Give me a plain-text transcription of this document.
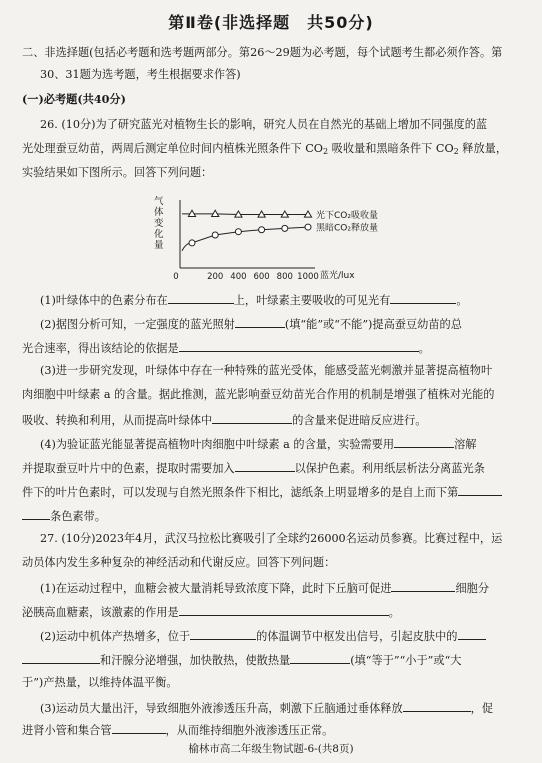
第Ⅱ卷(非选择题　共50分)
二、非选择题(包括必考题和选考题两部分。第26～29题为必考题，每个试题考生都必须作答。第
30、31题为选考题，考生根据要求作答)
(一)必考题(共40分)
26. (10分)为了研究蓝光对植物生长的影响，研究人员在自然光的基础上增加不同强度的蓝
光处理蚕豆幼苗，两周后测定单位时间内植株光照条件下 $CO_2$ 吸收量和黑暗条件下 $CO_2$ 释放量，
实验结果如下图所示。回答下列问题：
气体变化量
蓝光/lux
0	200 400 600 800 1000
光下CO₂吸收量
黑暗CO₂释放量
(1)叶绿体中的色素分布在	上，叶绿素主要吸收的可见光有	。
(2)据图分析可知，一定强度的蓝光照射	(填“能”或“不能”)提高蚕豆幼苗的总
光合速率，得出该结论的依据是	。
(3)进一步研究发现，叶绿体中存在一种特殊的蓝光受体，能感受蓝光刺激并显著提高植物叶
肉细胞中叶绿素 a 的含量。据此推测，蓝光影响蚕豆幼苗光合作用的机制是增强了植株对光能的
吸收、转换和利用，从而提高叶绿体中	的含量来促进暗反应进行。
(4)为验证蓝光能显著提高植物叶肉细胞中叶绿素 a 的含量，实验需要用	溶解
并提取蚕豆叶片中的色素，提取时需要加入	以保护色素。利用纸层析法分离蓝光条
件下的叶片色素时，可以发现与自然光照条件下相比，滤纸条上明显增多的是自上而下第
条色素带。
27. (10分)2023年4月，武汉马拉松比赛吸引了全球约26000名运动员参赛。比赛过程中，运
动员体内发生多种复杂的神经活动和代谢反应。回答下列问题：
(1)在运动过程中，血糖会被大量消耗导致浓度下降，此时下丘脑可促进	细胞分
泌胰高血糖素，该激素的作用是	。
(2)运动中机体产热增多，位于	的体温调节中枢发出信号，引起皮肤中的
和汗腺分泌增强，加快散热，使散热量	(填“等于”“小于”或“大
于”)产热量，以维持体温平衡。
(3)运动员大量出汗，导致细胞外液渗透压升高，刺激下丘脑通过垂体释放	，促
进肾小管和集合管	，从而维持细胞外液渗透压正常。
榆林市高二年级生物试题-6-(共8页)
